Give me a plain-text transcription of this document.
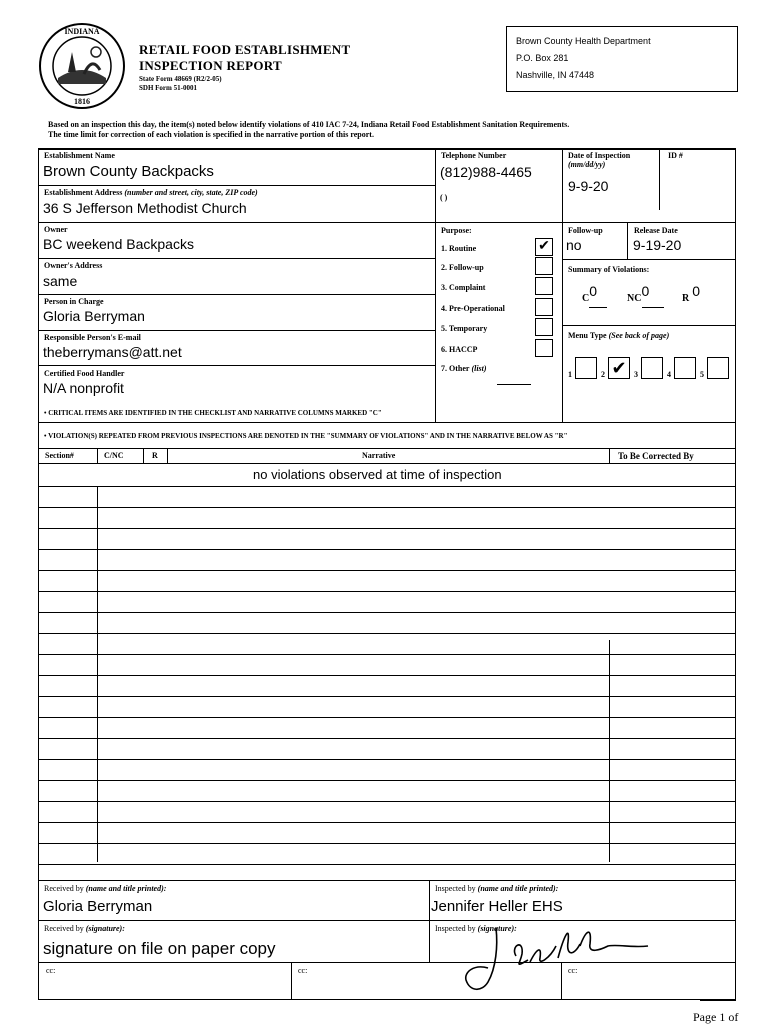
INDIANA
1816
RETAIL FOOD ESTABLISHMENT
INSPECTION REPORT
State Form 48669 (R2/2-05)
SDH Form 51-0001
Brown County Health Department
P.O. Box 281
Nashville, IN 47448
Based on an inspection this day, the item(s) noted below identify violations of 410 IAC 7-24, Indiana Retail Food Establishment Sanitation Requirements.
The time limit for correction of each violation is specified in the narrative portion of this report.
Establishment Name
Brown County Backpacks
Establishment Address (number and street, city, state, ZIP code)
36 S Jefferson Methodist Church
Owner
BC weekend Backpacks
Owner's Address
same
Person in Charge
Gloria Berryman
Responsible Person's E-mail
theberrymans@att.net
Certified Food Handler
N/A nonprofit
Telephone Number
(812)988-4465
( )
Date of Inspection
(mm/dd/yy)
9-9-20
ID #
Purpose:
1. Routine	✔
2. Follow-up
3. Complaint
4. Pre-Operational
5. Temporary
6. HACCP
7. Other (list)
Follow-up
no
Release Date
9-19-20
Summary of Violations:
C0	NC0	R 0
Menu Type (See back of page)
1	2 ✔ 3	4	5
• CRITICAL ITEMS ARE IDENTIFIED IN THE CHECKLIST AND NARRATIVE COLUMNS MARKED "C"
• VIOLATION(S) REPEATED FROM PREVIOUS INSPECTIONS ARE DENOTED IN THE "SUMMARY OF VIOLATIONS" AND IN THE NARRATIVE BELOW AS "R"
Section#	C/NC	R	Narrative	To Be Corrected By
no violations observed at time of inspection
Received by (name and title printed):
Gloria Berryman
Inspected by (name and title printed):
Jennifer Heller EHS
Received by (signature):
signature on file on paper copy
Inspected by (signature):
cc:	cc:	cc:
Page 1 of
